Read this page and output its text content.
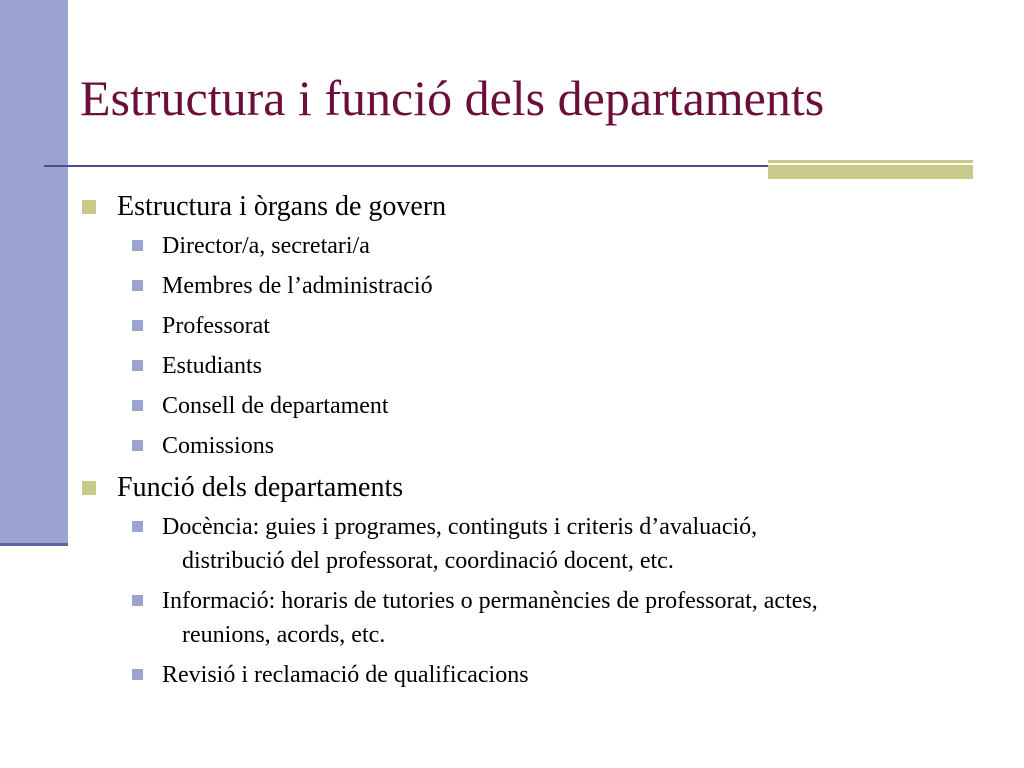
Estructura i funció dels departaments
Estructura i òrgans de govern
Director/a, secretari/a
Membres de l’administració
Professorat
Estudiants
Consell de departament
Comissions
Funció dels departaments
Docència: guies i programes, continguts i criteris d’avaluació,
distribució del professorat, coordinació docent, etc.
Informació: horaris de tutories o permanències de professorat, actes,
reunions, acords, etc.
Revisió i reclamació de qualificacions
